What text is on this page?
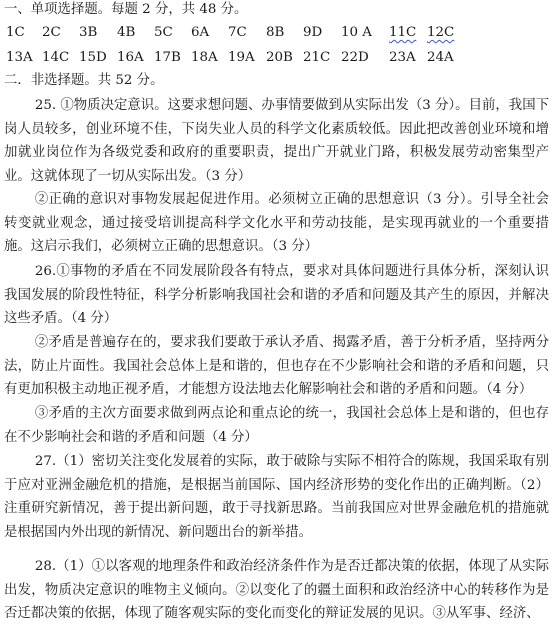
一、单项选择题。每题 2 分，共 48 分。
1C 2C 3B 4B 5C 6A 7C 8B 9D 10 A 11C 12C
13A 14C 15D 16A 17B 18A 19A 20B 21C 22D 23A 24A
二．非选择题。共 52 分。
25. ①物质决定意识。这要求想问题、办事情要做到从实际出发（3 分）。目前，我国下岗人员较多，创业环境不佳，下岗失业人员的科学文化素质较低。因此把改善创业环境和增加就业岗位作为各级党委和政府的重要职责，提出广开就业门路，积极发展劳动密集型产业。这就体现了一切从实际出发。（3 分）
②正确的意识对事物发展起促进作用。必须树立正确的思想意识（3 分）。引导全社会转变就业观念，通过接受培训提高科学文化水平和劳动技能，是实现再就业的一个重要措施。这启示我们，必须树立正确的思想意识。（3 分）
26.①事物的矛盾在不同发展阶段各有特点，要求对具体问题进行具体分析，深刻认识我国发展的阶段性特征，科学分析影响我国社会和谐的矛盾和问题及其产生的原因，并解决这些矛盾。（4 分）
②矛盾是普遍存在的，要求我们要敢于承认矛盾、揭露矛盾，善于分析矛盾，坚持两分法，防止片面性。我国社会总体上是和谐的，但也存在不少影响社会和谐的矛盾和问题，只有更加积极主动地正视矛盾，才能想方设法地去化解影响社会和谐的矛盾和问题。（4 分）
③矛盾的主次方面要求做到两点论和重点论的统一，我国社会总体上是和谐的，但也存在不少影响社会和谐的矛盾和问题（4 分）
27.（1）密切关注变化发展着的实际，敢于破除与实际不相符合的陈规，我国采取有别于应对亚洲金融危机的措施，是根据当前国际、国内经济形势的变化作出的正确判断。（2）注重研究新情况，善于提出新问题，敢于寻找新思路。当前我国应对世界金融危机的措施就是根据国内外出现的新情况、新问题出台的新举措。
28.（1）①以客观的地理条件和政治经济条件作为是否迁都决策的依据，体现了从实际出发，物质决定意识的唯物主义倾向。②以变化了的疆土面积和政治经济中心的转移作为是否迁都决策的依据，体现了随客观实际的变化而变化的辩证发展的见识。③从军事、经济、
